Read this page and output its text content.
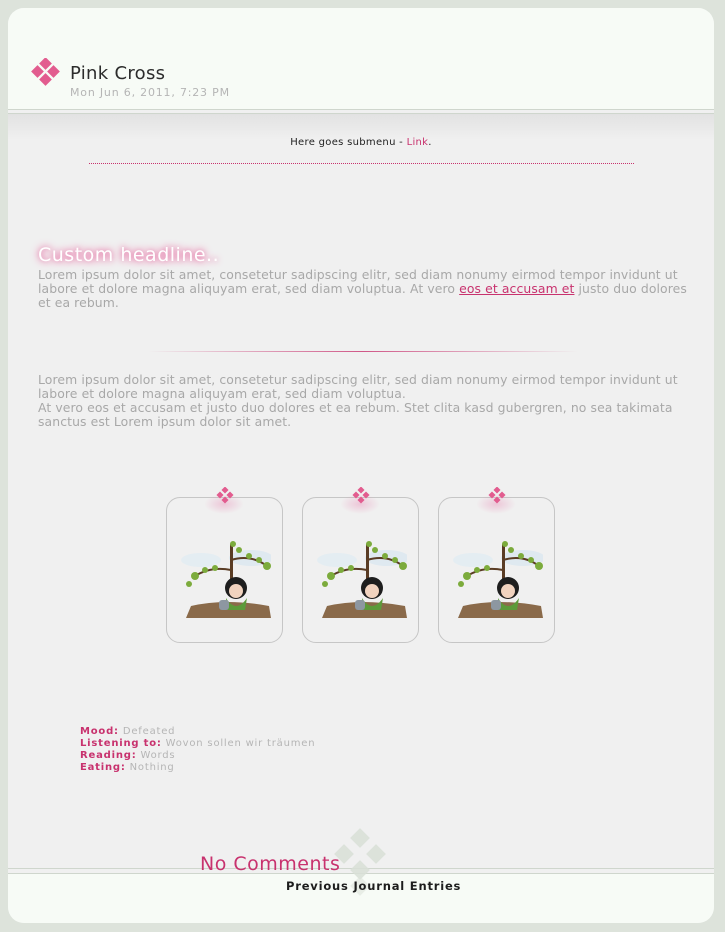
Pink Cross
Mon Jun 6, 2011, 7:23 PM
Here goes submenu - Link.
Custom headline..
Lorem ipsum dolor sit amet, consetetur sadipscing elitr, sed diam nonumy eirmod tempor invidunt ut labore et dolore magna aliquyam erat, sed diam voluptua. At vero eos et accusam et justo duo dolores et ea rebum.
Lorem ipsum dolor sit amet, consetetur sadipscing elitr, sed diam nonumy eirmod tempor invidunt ut labore et dolore magna aliquyam erat, sed diam voluptua.
At vero eos et accusam et justo duo dolores et ea rebum. Stet clita kasd gubergren, no sea takimata sanctus est Lorem ipsum dolor sit amet.
Mood: Defeated
Listening to: Wovon sollen wir träumen
Reading: Words
Eating: Nothing
No Comments
Previous Journal Entries
